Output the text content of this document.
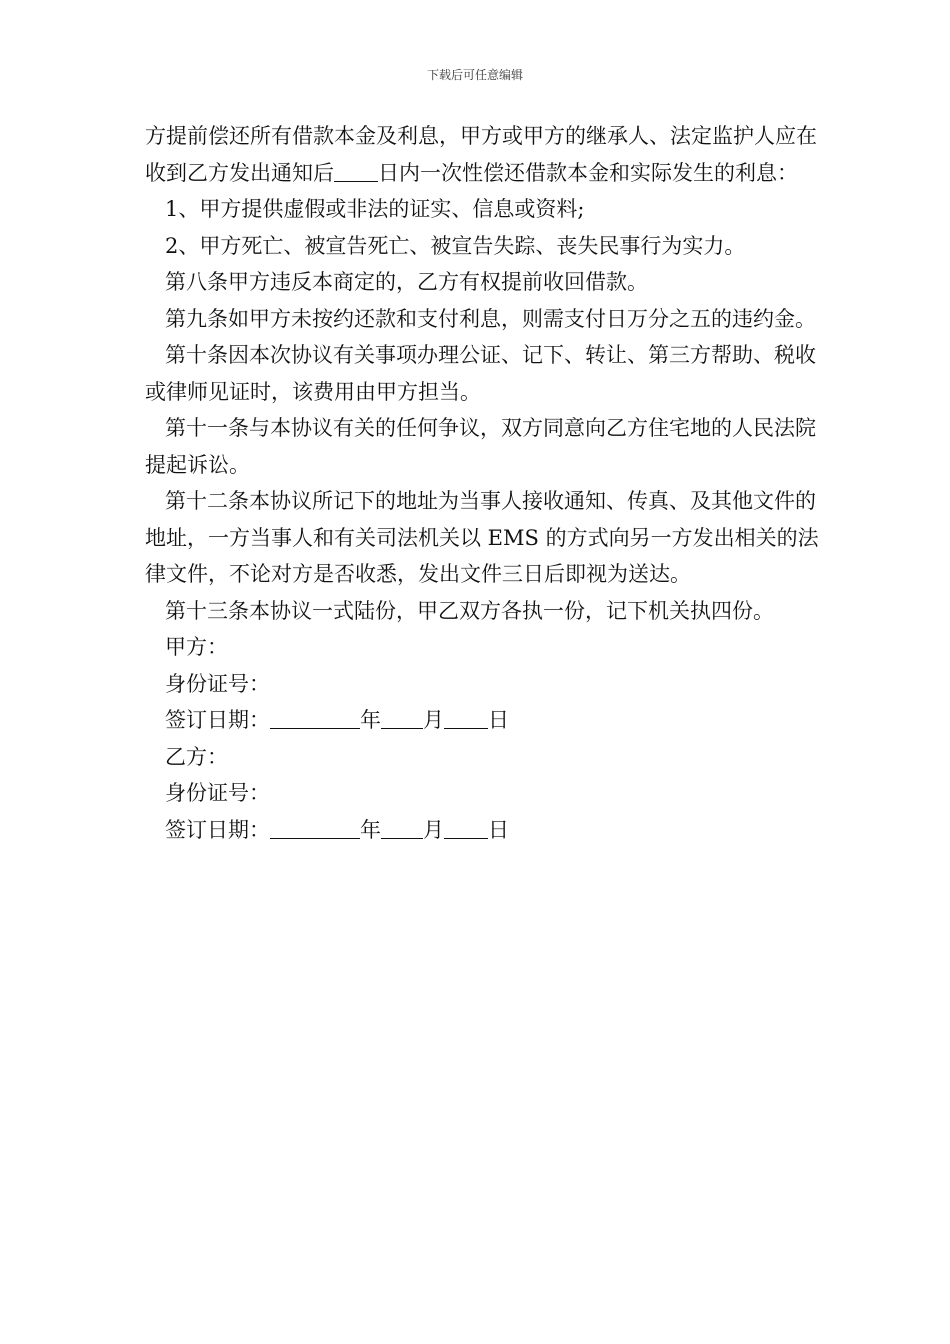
下载后可任意编辑

方提前偿还所有借款本金及利息，甲方或甲方的继承人、法定监护人应在收到乙方发出通知后 日内一次性偿还借款本金和实际发生的利息：

1、甲方提供虚假或非法的证实、信息或资料;

2、甲方死亡、被宣告死亡、被宣告失踪、丧失民事行为实力。

第八条甲方违反本商定的，乙方有权提前收回借款。

第九条如甲方未按约还款和支付利息，则需支付日万分之五的违约金。

第十条因本次协议有关事项办理公证、记下、转让、第三方帮助、税收或律师见证时，该费用由甲方担当。

第十一条与本协议有关的任何争议，双方同意向乙方住宅地的人民法院提起诉讼。

第十二条本协议所记下的地址为当事人接收通知、传真、及其他文件的地址，一方当事人和有关司法机关以 EMS 的方式向另一方发出相关的法律文件，不论对方是否收悉，发出文件三日后即视为送达。

第十三条本协议一式陆份，甲乙双方各执一份，记下机关执四份。

甲方：

身份证号：

签订日期：	年 月 日

乙方：

身份证号：

签订日期：	年 月 日
